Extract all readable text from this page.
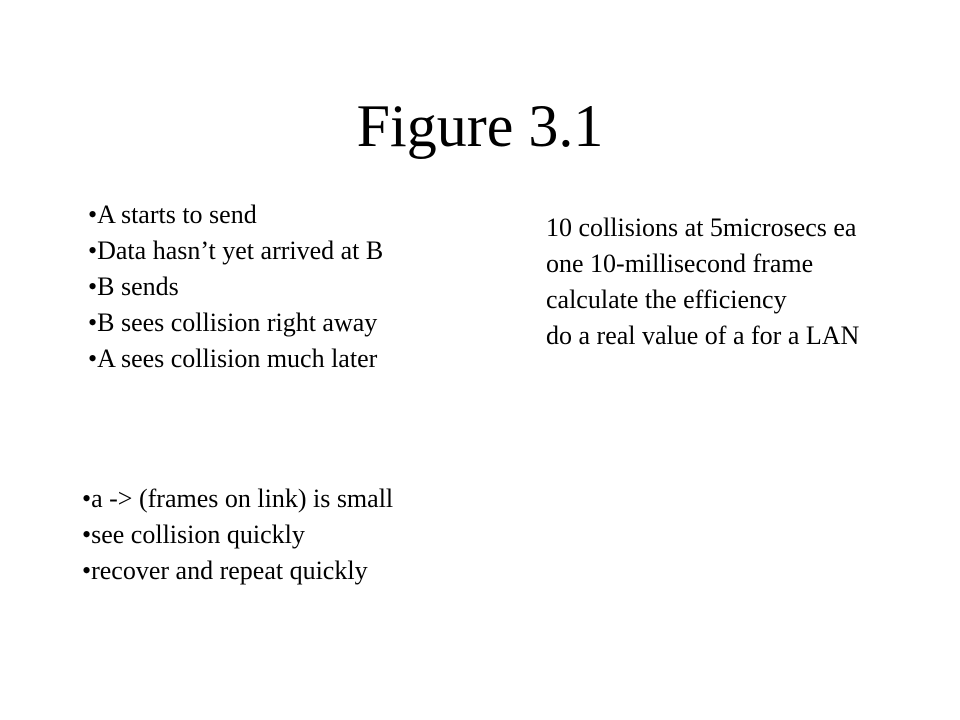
Figure 3.1
• A starts to send
• Data hasn’t yet arrived at B
• B sends
• B sees collision right away
• A sees collision much later
10 collisions at 5microsecs ea
one 10-millisecond frame
calculate the efficiency
do a real value of a for a LAN
• a -> (frames on link) is small
• see collision quickly
• recover and repeat quickly
